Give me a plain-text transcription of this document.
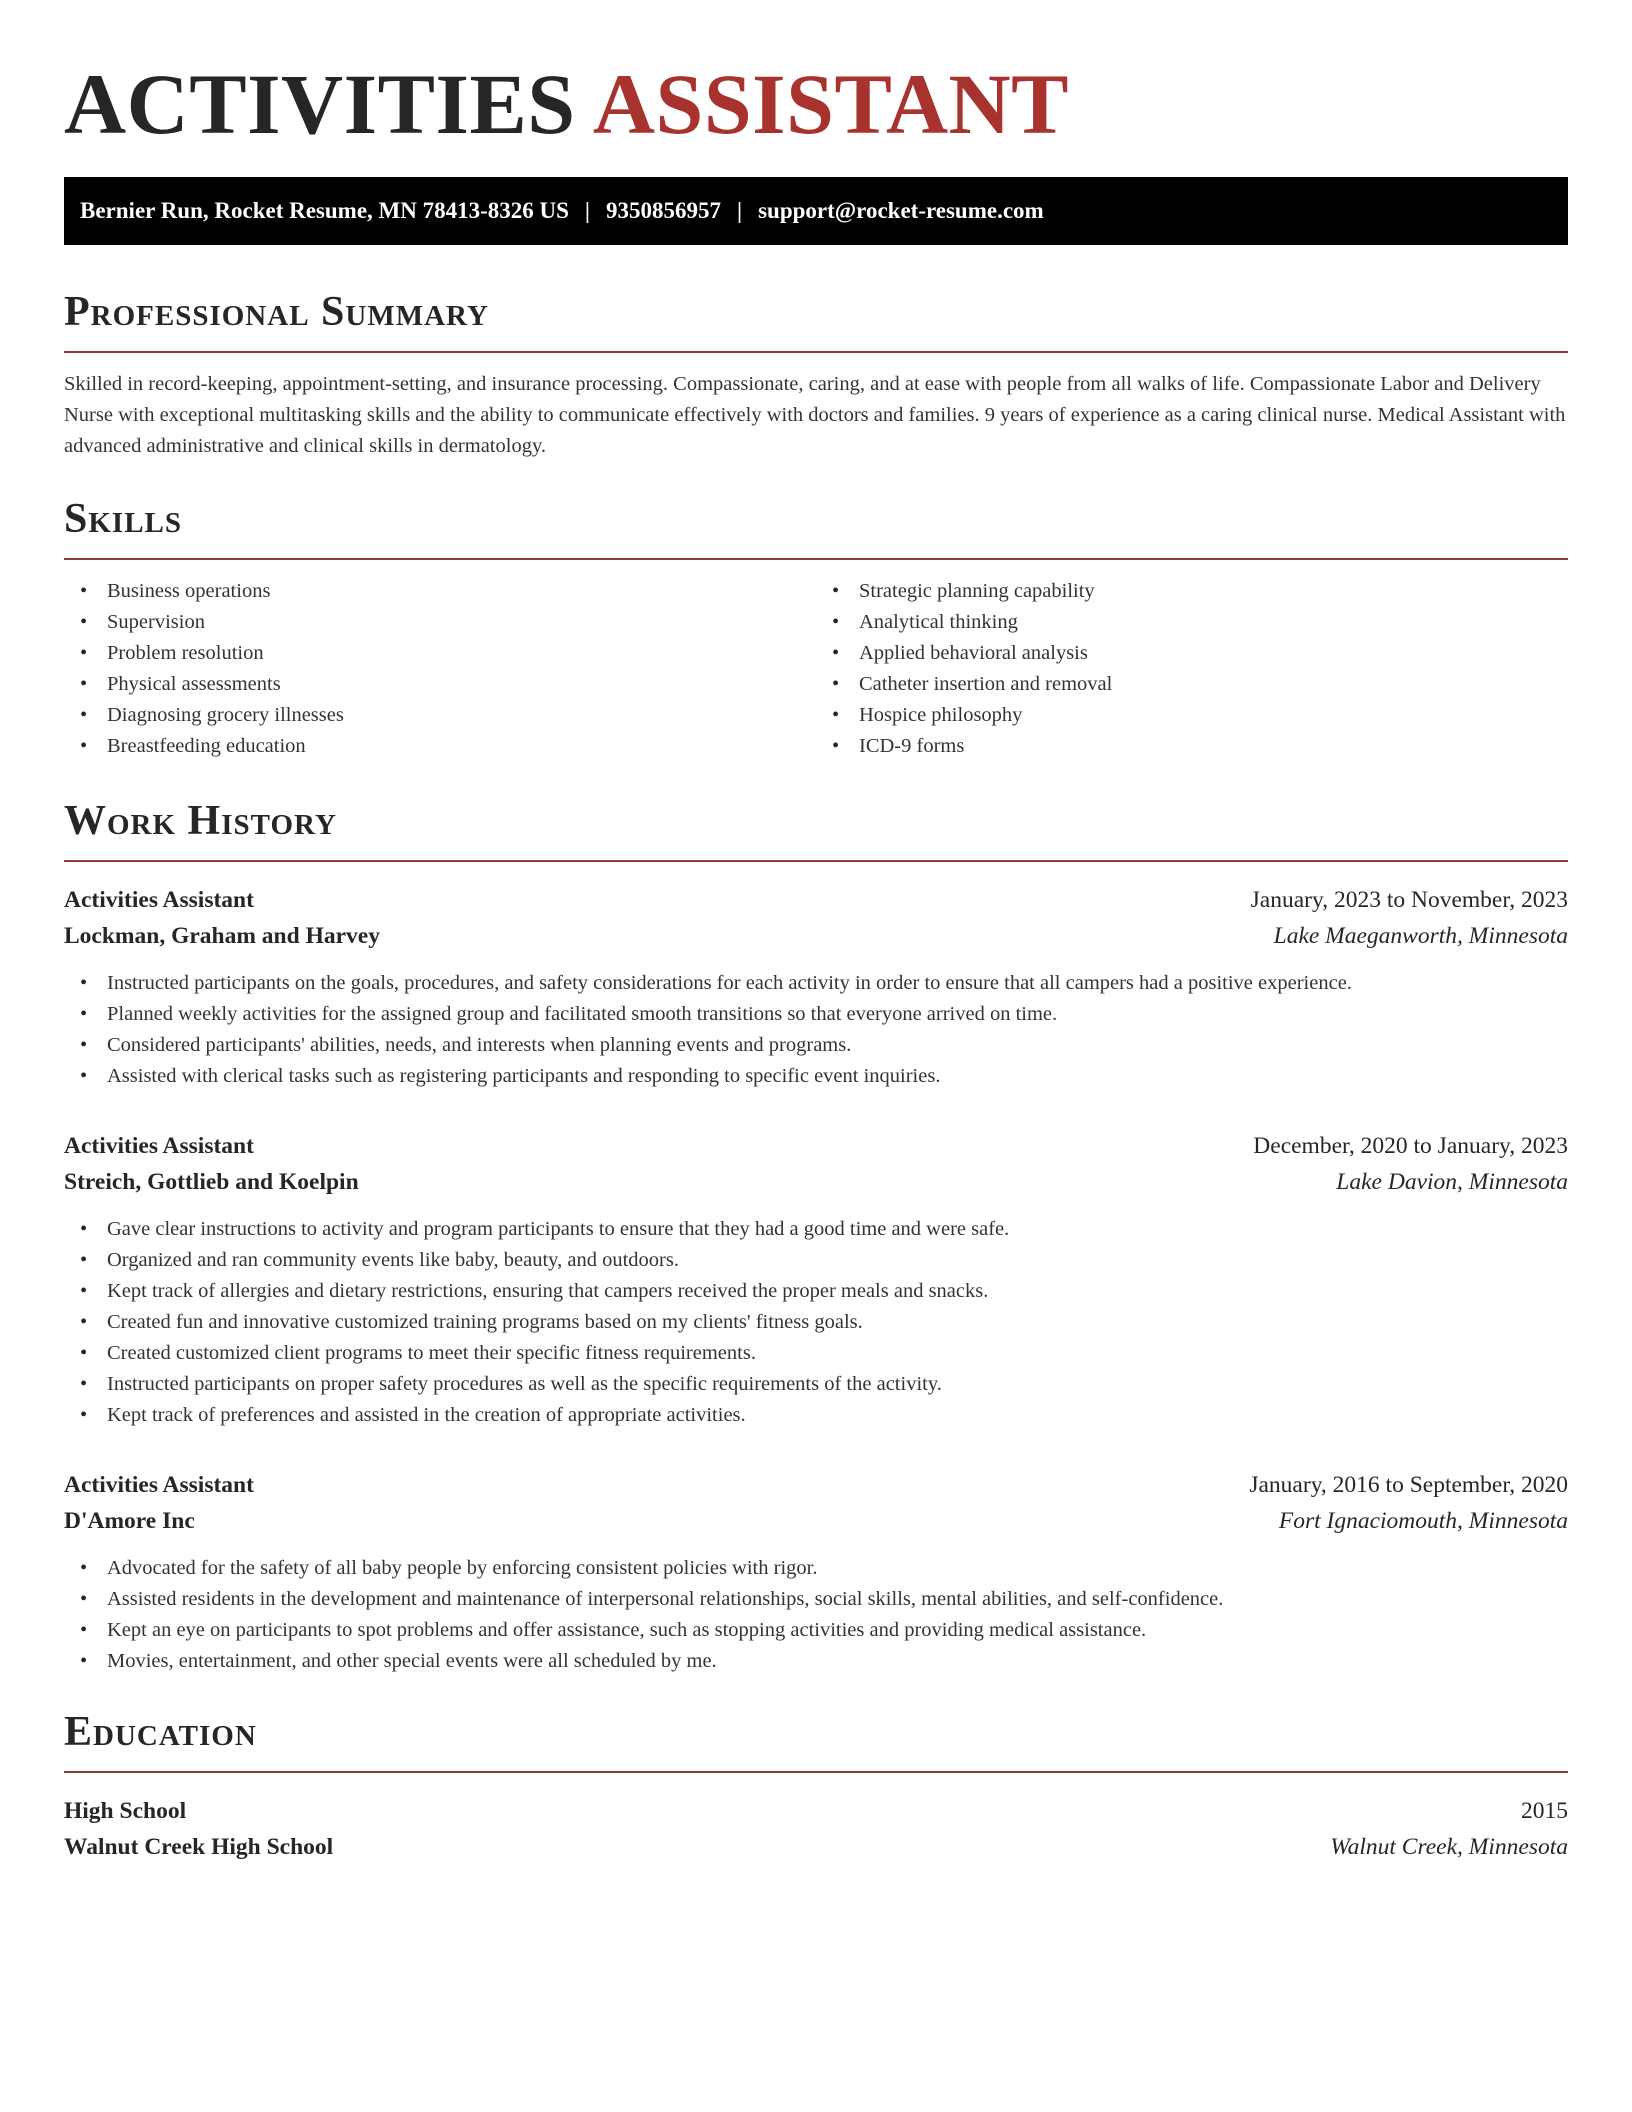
ACTIVITIES ASSISTANT
Bernier Run, Rocket Resume, MN 78413-8326 US | 9350856957 | support@rocket-resume.com
Professional Summary

Skilled in record-keeping, appointment-setting, and insurance processing. Compassionate, caring, and at ease with people from all walks of life. Compassionate Labor and Delivery Nurse with exceptional multitasking skills and the ability to communicate effectively with doctors and families. 9 years of experience as a caring clinical nurse. Medical Assistant with advanced administrative and clinical skills in dermatology.

Skills
• Business operations
• Supervision
• Problem resolution
• Physical assessments
• Diagnosing grocery illnesses
• Breastfeeding education
• Strategic planning capability
• Analytical thinking
• Applied behavioral analysis
• Catheter insertion and removal
• Hospice philosophy
• ICD-9 forms
Work History
Activities Assistant	January, 2023 to November, 2023
Lockman, Graham and Harvey	Lake Maeganworth, Minnesota
• Instructed participants on the goals, procedures, and safety considerations for each activity in order to ensure that all campers had a positive experience.
• Planned weekly activities for the assigned group and facilitated smooth transitions so that everyone arrived on time.
• Considered participants' abilities, needs, and interests when planning events and programs.
• Assisted with clerical tasks such as registering participants and responding to specific event inquiries.
Activities Assistant	December, 2020 to January, 2023
Streich, Gottlieb and Koelpin	Lake Davion, Minnesota
• Gave clear instructions to activity and program participants to ensure that they had a good time and were safe.
• Organized and ran community events like baby, beauty, and outdoors.
• Kept track of allergies and dietary restrictions, ensuring that campers received the proper meals and snacks.
• Created fun and innovative customized training programs based on my clients' fitness goals.
• Created customized client programs to meet their specific fitness requirements.
• Instructed participants on proper safety procedures as well as the specific requirements of the activity.
• Kept track of preferences and assisted in the creation of appropriate activities.
Activities Assistant	January, 2016 to September, 2020
D'Amore Inc	Fort Ignaciomouth, Minnesota
• Advocated for the safety of all baby people by enforcing consistent policies with rigor.
• Assisted residents in the development and maintenance of interpersonal relationships, social skills, mental abilities, and self-confidence.
• Kept an eye on participants to spot problems and offer assistance, such as stopping activities and providing medical assistance.
• Movies, entertainment, and other special events were all scheduled by me.
Education
High School	2015
Walnut Creek High School	Walnut Creek, Minnesota
